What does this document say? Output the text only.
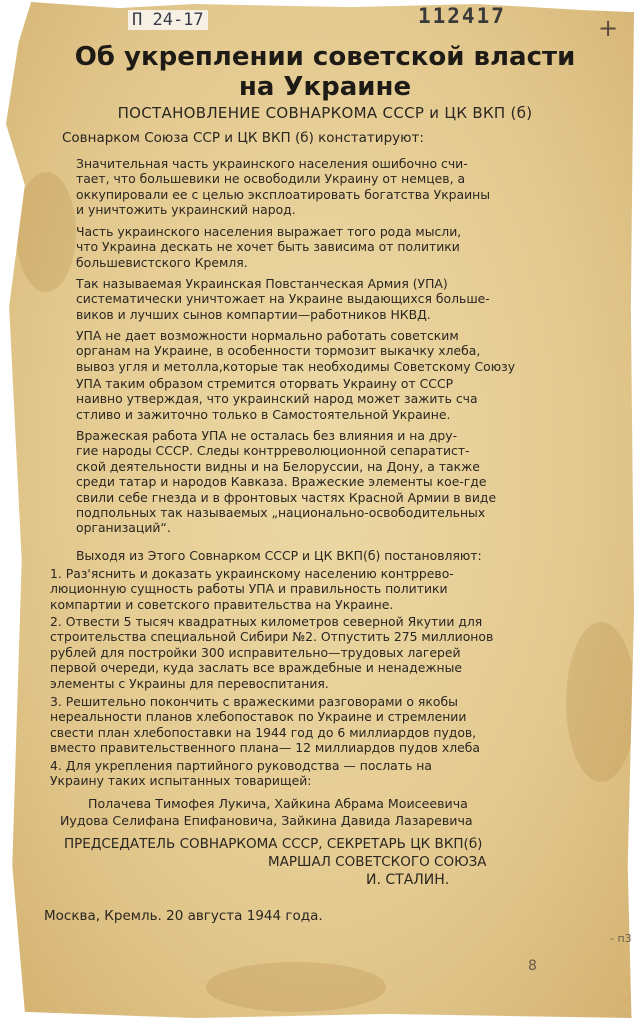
П 24-17	112417	+
Об укреплении советской власти
на Украине
ПОСТАНОВЛЕНИЕ СОВНАРКОМА СССР и ЦК ВКП (б)
Совнарком Союза ССР и ЦК ВКП (б) констатируют:

Значительная часть украинского населения ошибочно счи-
тает, что большевики не освободили Украину от немцев, а
оккупировали ее с целью эксплоатировать богатства Украины
и уничтожить украинский народ.

Часть украинского населения выражает того рода мысли,
что Украина дескать не хочет быть зависима от политики
большевистского Кремля.

Так называемая Украинская Повстанческая Армия (УПА)
систематически уничтожает на Украине выдающихся больше-
виков и лучших сынов компартии—работников НКВД.

УПА не дает возможности нормально работать советским
органам на Украине, в особенности тормозит выкачку хлеба,
вывоз угля и метолла,которые так необходимы Советскому Союзу

УПА таким образом стремится оторвать Украину от СССР
наивно утверждая, что украинский народ может зажить сча
стливо и зажиточно только в Самостоятельной Украине.

Вражеская работа УПА не осталась без влияния и на дру-
гие народы СССР. Следы контрреволюционной сепаратист-
ской деятельности видны и на Белоруссии, на Дону, а также
среди татар и народов Кавказа. Вражеские элементы кое-где
свили себе гнезда и в фронтовых частях Красной Армии в виде
подпольных так называемых „национально-освободительных
организаций“.

Выходя из Этого Совнарком СССР и ЦК ВКП(б) постановляют:

1. Раз'яснить и доказать украинскому населению контррево-
люционную сущность работы УПА и правильность политики
компартии и советского правительства на Украине.

2. Отвести 5 тысяч квадратных километров северной Якутии для
строительства специальной Сибири №2. Отпустить 275 миллионов
рублей для постройки 300 исправительно—трудовых лагерей
первой очереди, куда заслать все враждебные и ненадежные
элементы с Украины для перевоспитания.

3. Решительно покончить с вражескими разговорами о якобы
нереальности планов хлебопоставок по Украине и стремлении
свести план хлебопоставки на 1944 год до 6 миллиардов пудов,
вместо правительственного плана— 12 миллиардов пудов хлеба

4. Для укрепления партийного руководства — послать на
Украину таких испытанных товарищей:

Полачева Тимофея Лукича, Хайкина Абрама Моисеевича
Иудова Селифана Епифановича, Зайкина Давида Лазаревича
ПРЕДСЕДАТЕЛЬ СОВНАРКОМА СССР, СЕКРЕТАРЬ ЦК ВКП(б)
МАРШАЛ СОВЕТСКОГО СОЮЗА
И. СТАЛИН.
Москва, Кремль. 20 августа 1944 года.
- п3
8
